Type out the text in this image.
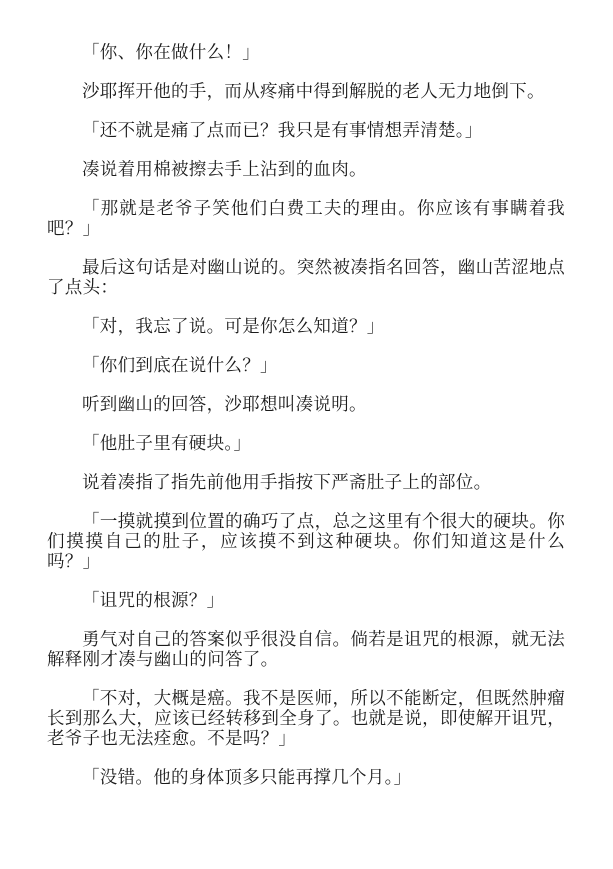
「你、你在做什么！」

沙耶挥开他的手，而从疼痛中得到解脱的老人无力地倒下。

「还不就是痛了点而已？我只是有事情想弄清楚。」

凑说着用棉被擦去手上沾到的血肉。

「那就是老爷子笑他们白费工夫的理由。你应该有事瞒着我吧？」

最后这句话是对幽山说的。突然被凑指名回答，幽山苦涩地点了点头：

「对，我忘了说。可是你怎么知道？」

「你们到底在说什么？」

听到幽山的回答，沙耶想叫凑说明。

「他肚子里有硬块。」

说着凑指了指先前他用手指按下严斋肚子上的部位。

「一摸就摸到位置的确巧了点，总之这里有个很大的硬块。你们摸摸自己的肚子，应该摸不到这种硬块。你们知道这是什么吗？」

「诅咒的根源？」

勇气对自己的答案似乎很没自信。倘若是诅咒的根源，就无法解释刚才凑与幽山的问答了。

「不对，大概是癌。我不是医师，所以不能断定，但既然肿瘤长到那么大，应该已经转移到全身了。也就是说，即使解开诅咒，老爷子也无法痊愈。不是吗？」

「没错。他的身体顶多只能再撑几个月。」
